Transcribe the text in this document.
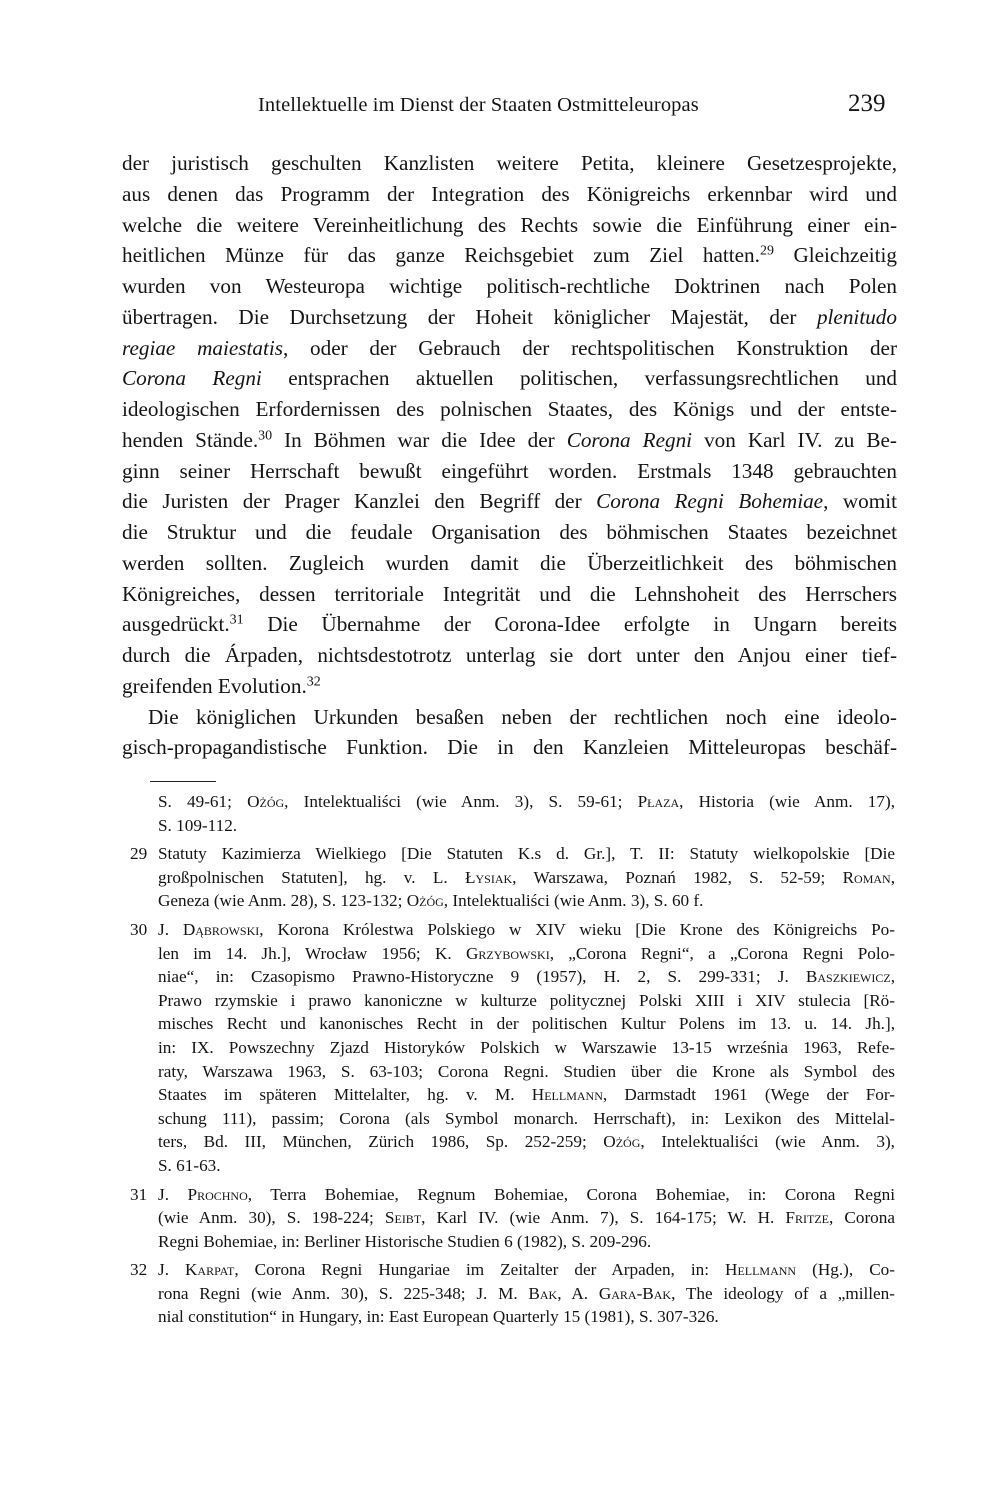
Intellektuelle im Dienst der Staaten Ostmitteleuropas	239
der juristisch geschulten Kanzlisten weitere Petita, kleinere Gesetzesprojekte,
aus denen das Programm der Integration des Königreichs erkennbar wird und
welche die weitere Vereinheitlichung des Rechts sowie die Einführung einer ein-
heitlichen Münze für das ganze Reichsgebiet zum Ziel hatten.$^{29}$ Gleichzeitig
wurden von Westeuropa wichtige politisch-rechtliche Doktrinen nach Polen
übertragen. Die Durchsetzung der Hoheit königlicher Majestät, der plenitudo
regiae maiestatis, oder der Gebrauch der rechtspolitischen Konstruktion der
Corona Regni entsprachen aktuellen politischen, verfassungsrechtlichen und
ideologischen Erfordernissen des polnischen Staates, des Königs und der entste-
henden Stände.$^{30}$ In Böhmen war die Idee der Corona Regni von Karl IV. zu Be-
ginn seiner Herrschaft bewußt eingeführt worden. Erstmals 1348 gebrauchten
die Juristen der Prager Kanzlei den Begriff der Corona Regni Bohemiae, womit
die Struktur und die feudale Organisation des böhmischen Staates bezeichnet
werden sollten. Zugleich wurden damit die Überzeitlichkeit des böhmischen
Königreiches, dessen territoriale Integrität und die Lehnshoheit des Herrschers
ausgedrückt.$^{31}$ Die Übernahme der Corona-Idee erfolgte in Ungarn bereits
durch die Árpaden, nichtsdestotrotz unterlag sie dort unter den Anjou einer tief-
greifenden Evolution.$^{32}$
Die königlichen Urkunden besaßen neben der rechtlichen noch eine ideolo-
gisch-propagandistische Funktion. Die in den Kanzleien Mitteleuropas beschäf-
S. 49-61; Ożóg, Intelektualiści (wie Anm. 3), S. 59-61; Płaza, Historia (wie Anm. 17),
S. 109-112.
29 Statuty Kazimierza Wielkiego [Die Statuten K.s d. Gr.], T. II: Statuty wielkopolskie [Die
großpolnischen Statuten], hg. v. L. Łysiak, Warszawa, Poznań 1982, S. 52-59; Roman,
Geneza (wie Anm. 28), S. 123-132; Ożóg, Intelektualiści (wie Anm. 3), S. 60 f.
30 J. Dąbrowski, Korona Królestwa Polskiego w XIV wieku [Die Krone des Königreichs Po-
len im 14. Jh.], Wrocław 1956; K. Grzybowski, „Corona Regni“, a „Corona Regni Polo-
niae“, in: Czasopismo Prawno-Historyczne 9 (1957), H. 2, S. 299-331; J. Baszkiewicz,
Prawo rzymskie i prawo kanoniczne w kulturze politycznej Polski XIII i XIV stulecia [Rö-
misches Recht und kanonisches Recht in der politischen Kultur Polens im 13. u. 14. Jh.],
in: IX. Powszechny Zjazd Historyków Polskich w Warszawie 13-15 września 1963, Refe-
raty, Warszawa 1963, S. 63-103; Corona Regni. Studien über die Krone als Symbol des
Staates im späteren Mittelalter, hg. v. M. Hellmann, Darmstadt 1961 (Wege der For-
schung 111), passim; Corona (als Symbol monarch. Herrschaft), in: Lexikon des Mittelal-
ters, Bd. III, München, Zürich 1986, Sp. 252-259; Ożóg, Intelektualiści (wie Anm. 3),
S. 61-63.
31 J. Prochno, Terra Bohemiae, Regnum Bohemiae, Corona Bohemiae, in: Corona Regni
(wie Anm. 30), S. 198-224; Seibt, Karl IV. (wie Anm. 7), S. 164-175; W. H. Fritze, Corona
Regni Bohemiae, in: Berliner Historische Studien 6 (1982), S. 209-296.
32 J. Karpat, Corona Regni Hungariae im Zeitalter der Arpaden, in: Hellmann (Hg.), Co-
rona Regni (wie Anm. 30), S. 225-348; J. M. Bak, A. Gara-Bak, The ideology of a „millen-
nial constitution“ in Hungary, in: East European Quarterly 15 (1981), S. 307-326.
